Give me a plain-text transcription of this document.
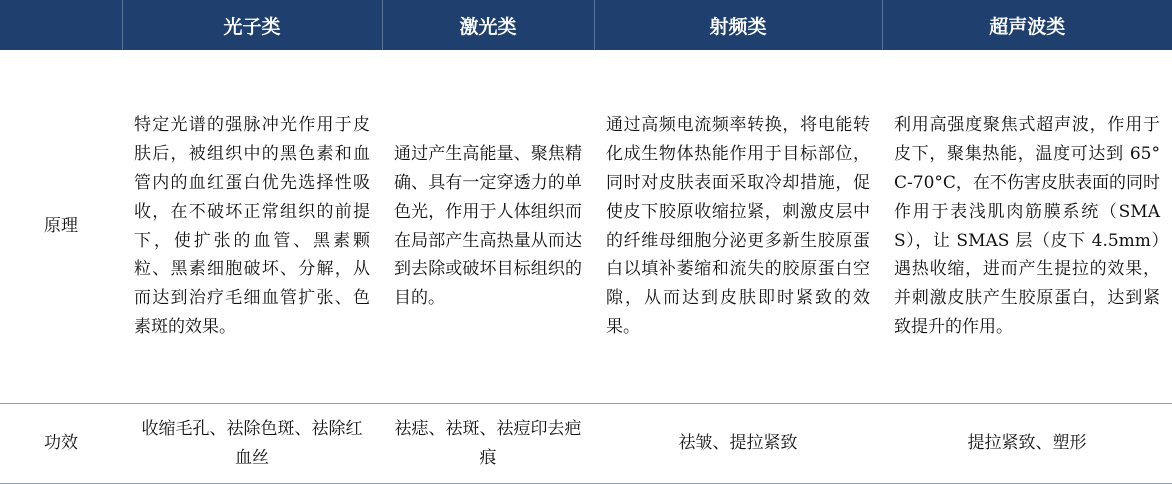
	光子类	激光类	射频类	超声波类
原理	特定光谱的强脉冲光作用于皮肤后，被组织中的黑色素和血管内的血红蛋白优先选择性吸收，在不破坏正常组织的前提下，使扩张的血管、黑素颗粒、黑素细胞破坏、分解，从而达到治疗毛细血管扩张、色素斑的效果。	通过产生高能量、聚焦精确、具有一定穿透力的单色光，作用于人体组织而在局部产生高热量从而达到去除或破坏目标组织的目的。	通过高频电流频率转换，将电能转化成生物体热能作用于目标部位，同时对皮肤表面采取冷却措施，促使皮下胶原收缩拉紧，刺激皮层中的纤维母细胞分泌更多新生胶原蛋白以填补萎缩和流失的胶原蛋白空隙，从而达到皮肤即时紧致的效果。	利用高强度聚焦式超声波，作用于皮下，聚集热能，温度可达到 65°C-70°C，在不伤害皮肤表面的同时作用于表浅肌肉筋膜系统（SMAS），让 SMAS 层（皮下 4.5mm）遇热收缩，进而产生提拉的效果，并刺激皮肤产生胶原蛋白，达到紧致提升的作用。

功效	收缩毛孔、祛除色斑、祛除红血丝	祛痣、祛斑、祛痘印去疤痕	祛皱、提拉紧致	提拉紧致、塑形
